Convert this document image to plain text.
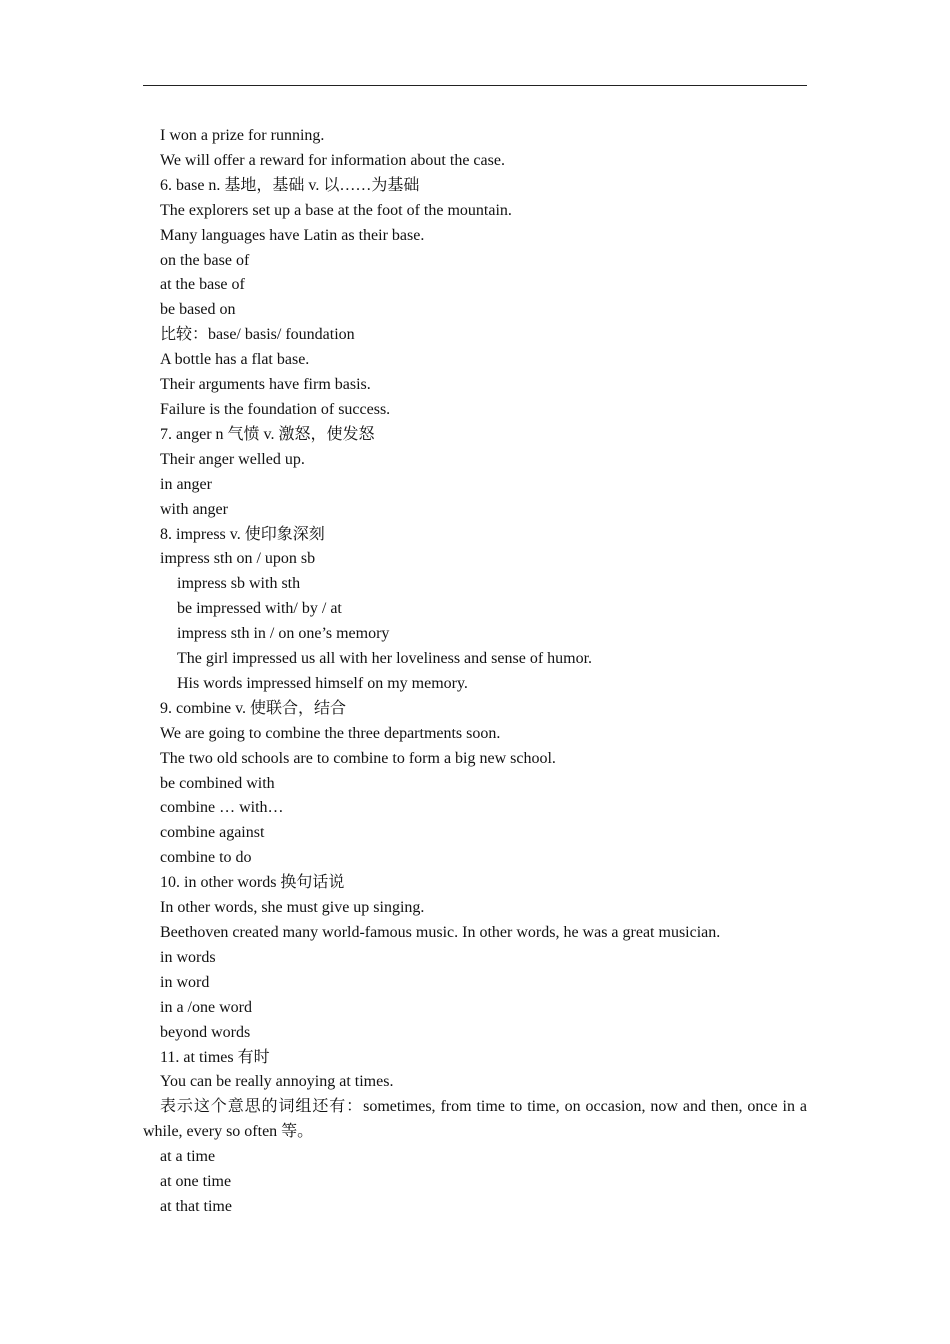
I won a prize for running.
We will offer a reward for information about the case.
6. base n. 基地，基础 v. 以……为基础
The explorers set up a base at the foot of the mountain.
Many languages have Latin as their base.
on the base of
at the base of
be based on
比较：base/ basis/ foundation
A bottle has a flat base.
Their arguments have firm basis.
Failure is the foundation of success.
7. anger n 气愤 v. 激怒，使发怒
Their anger welled up.
in anger
with anger
8. impress v. 使印象深刻
impress sth on / upon sb
impress sb with sth
be impressed with/ by / at
impress sth in / on one’s memory
The girl impressed us all with her loveliness and sense of humor.
His words impressed himself on my memory.
9. combine v. 使联合，结合
We are going to combine the three departments soon.
The two old schools are to combine to form a big new school.
be combined with
combine … with…
combine against
combine to do
10. in other words 换句话说
In other words, she must give up singing.
Beethoven created many world-famous music. In other words, he was a great musician.
in words
in word
in a /one word
beyond words
11. at times 有时
You can be really annoying at times.
表示这个意思的词组还有：sometimes, from time to time, on occasion, now and then, once in a while, every so often 等。
at a time
at one time
at that time
